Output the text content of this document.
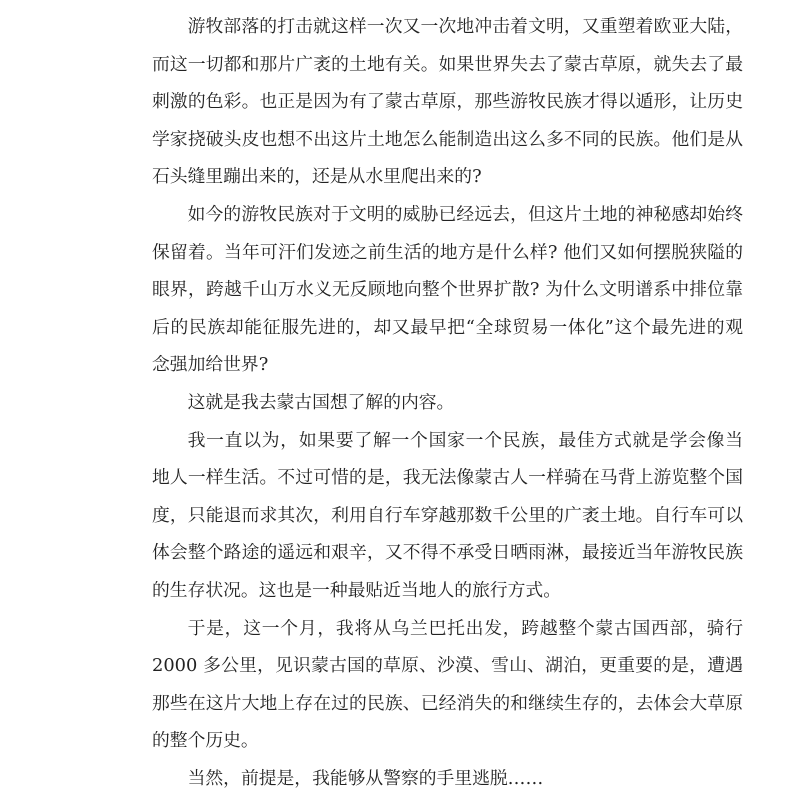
游牧部落的打击就这样一次又一次地冲击着文明，又重塑着欧亚大陆，
而这一切都和那片广袤的土地有关。如果世界失去了蒙古草原，就失去了最
刺激的色彩。也正是因为有了蒙古草原，那些游牧民族才得以遁形，让历史
学家挠破头皮也想不出这片土地怎么能制造出这么多不同的民族。他们是从
石头缝里蹦出来的，还是从水里爬出来的?
如今的游牧民族对于文明的威胁已经远去，但这片土地的神秘感却始终
保留着。当年可汗们发迹之前生活的地方是什么样? 他们又如何摆脱狭隘的
眼界，跨越千山万水义无反顾地向整个世界扩散? 为什么文明谱系中排位靠
后的民族却能征服先进的，却又最早把“全球贸易一体化”这个最先进的观
念强加给世界?
这就是我去蒙古国想了解的内容。
我一直以为，如果要了解一个国家一个民族，最佳方式就是学会像当
地人一样生活。不过可惜的是，我无法像蒙古人一样骑在马背上游览整个国
度，只能退而求其次，利用自行车穿越那数千公里的广袤土地。自行车可以
体会整个路途的遥远和艰辛，又不得不承受日晒雨淋，最接近当年游牧民族
的生存状况。这也是一种最贴近当地人的旅行方式。
于是，这一个月，我将从乌兰巴托出发，跨越整个蒙古国西部，骑行
2000 多公里，见识蒙古国的草原、沙漠、雪山、湖泊，更重要的是，遭遇
那些在这片大地上存在过的民族、已经消失的和继续生存的，去体会大草原
的整个历史。
当然，前提是，我能够从警察的手里逃脱……
